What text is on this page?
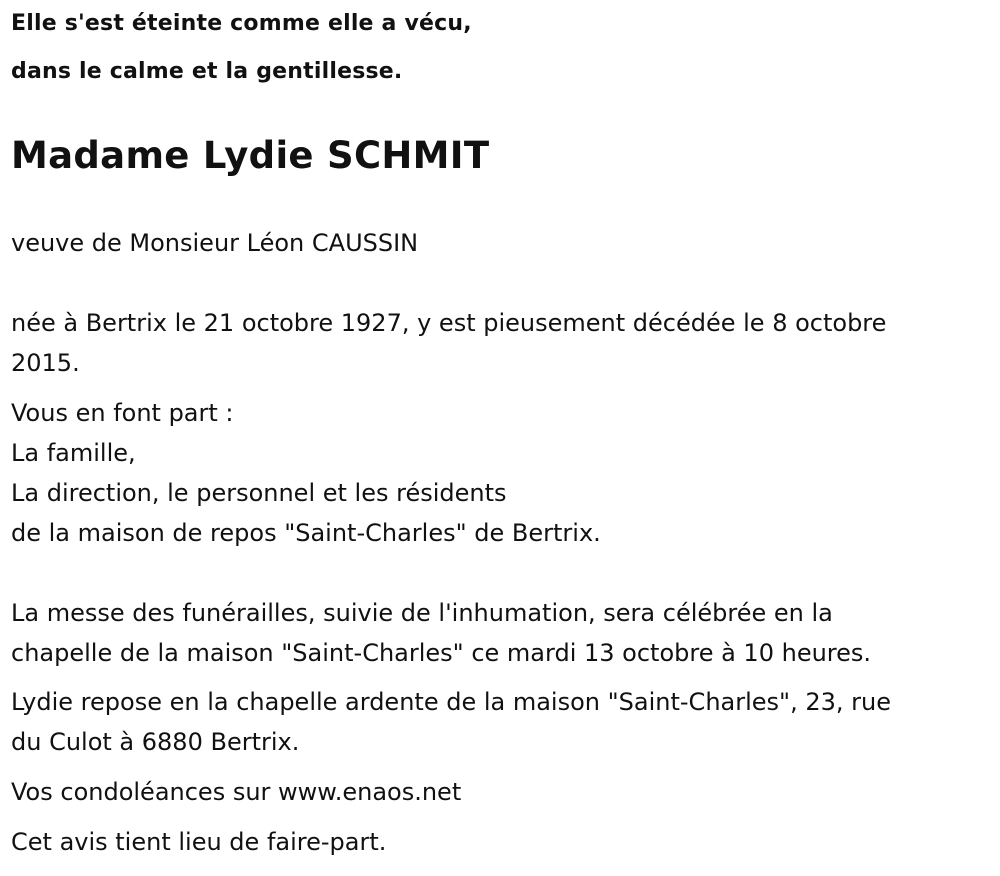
Elle s'est éteinte comme elle a vécu,

dans le calme et la gentillesse.

Madame Lydie SCHMIT

veuve de Monsieur Léon CAUSSIN

née à Bertrix le 21 octobre 1927, y est pieusement décédée le 8 octobre
2015.

Vous en font part :
La famille,
La direction, le personnel et les résidents
de la maison de repos "Saint-Charles" de Bertrix.

La messe des funérailles, suivie de l'inhumation, sera célébrée en la
chapelle de la maison "Saint-Charles" ce mardi 13 octobre à 10 heures.

Lydie repose en la chapelle ardente de la maison "Saint-Charles", 23, rue
du Culot à 6880 Bertrix.

Vos condoléances sur www.enaos.net

Cet avis tient lieu de faire-part.
